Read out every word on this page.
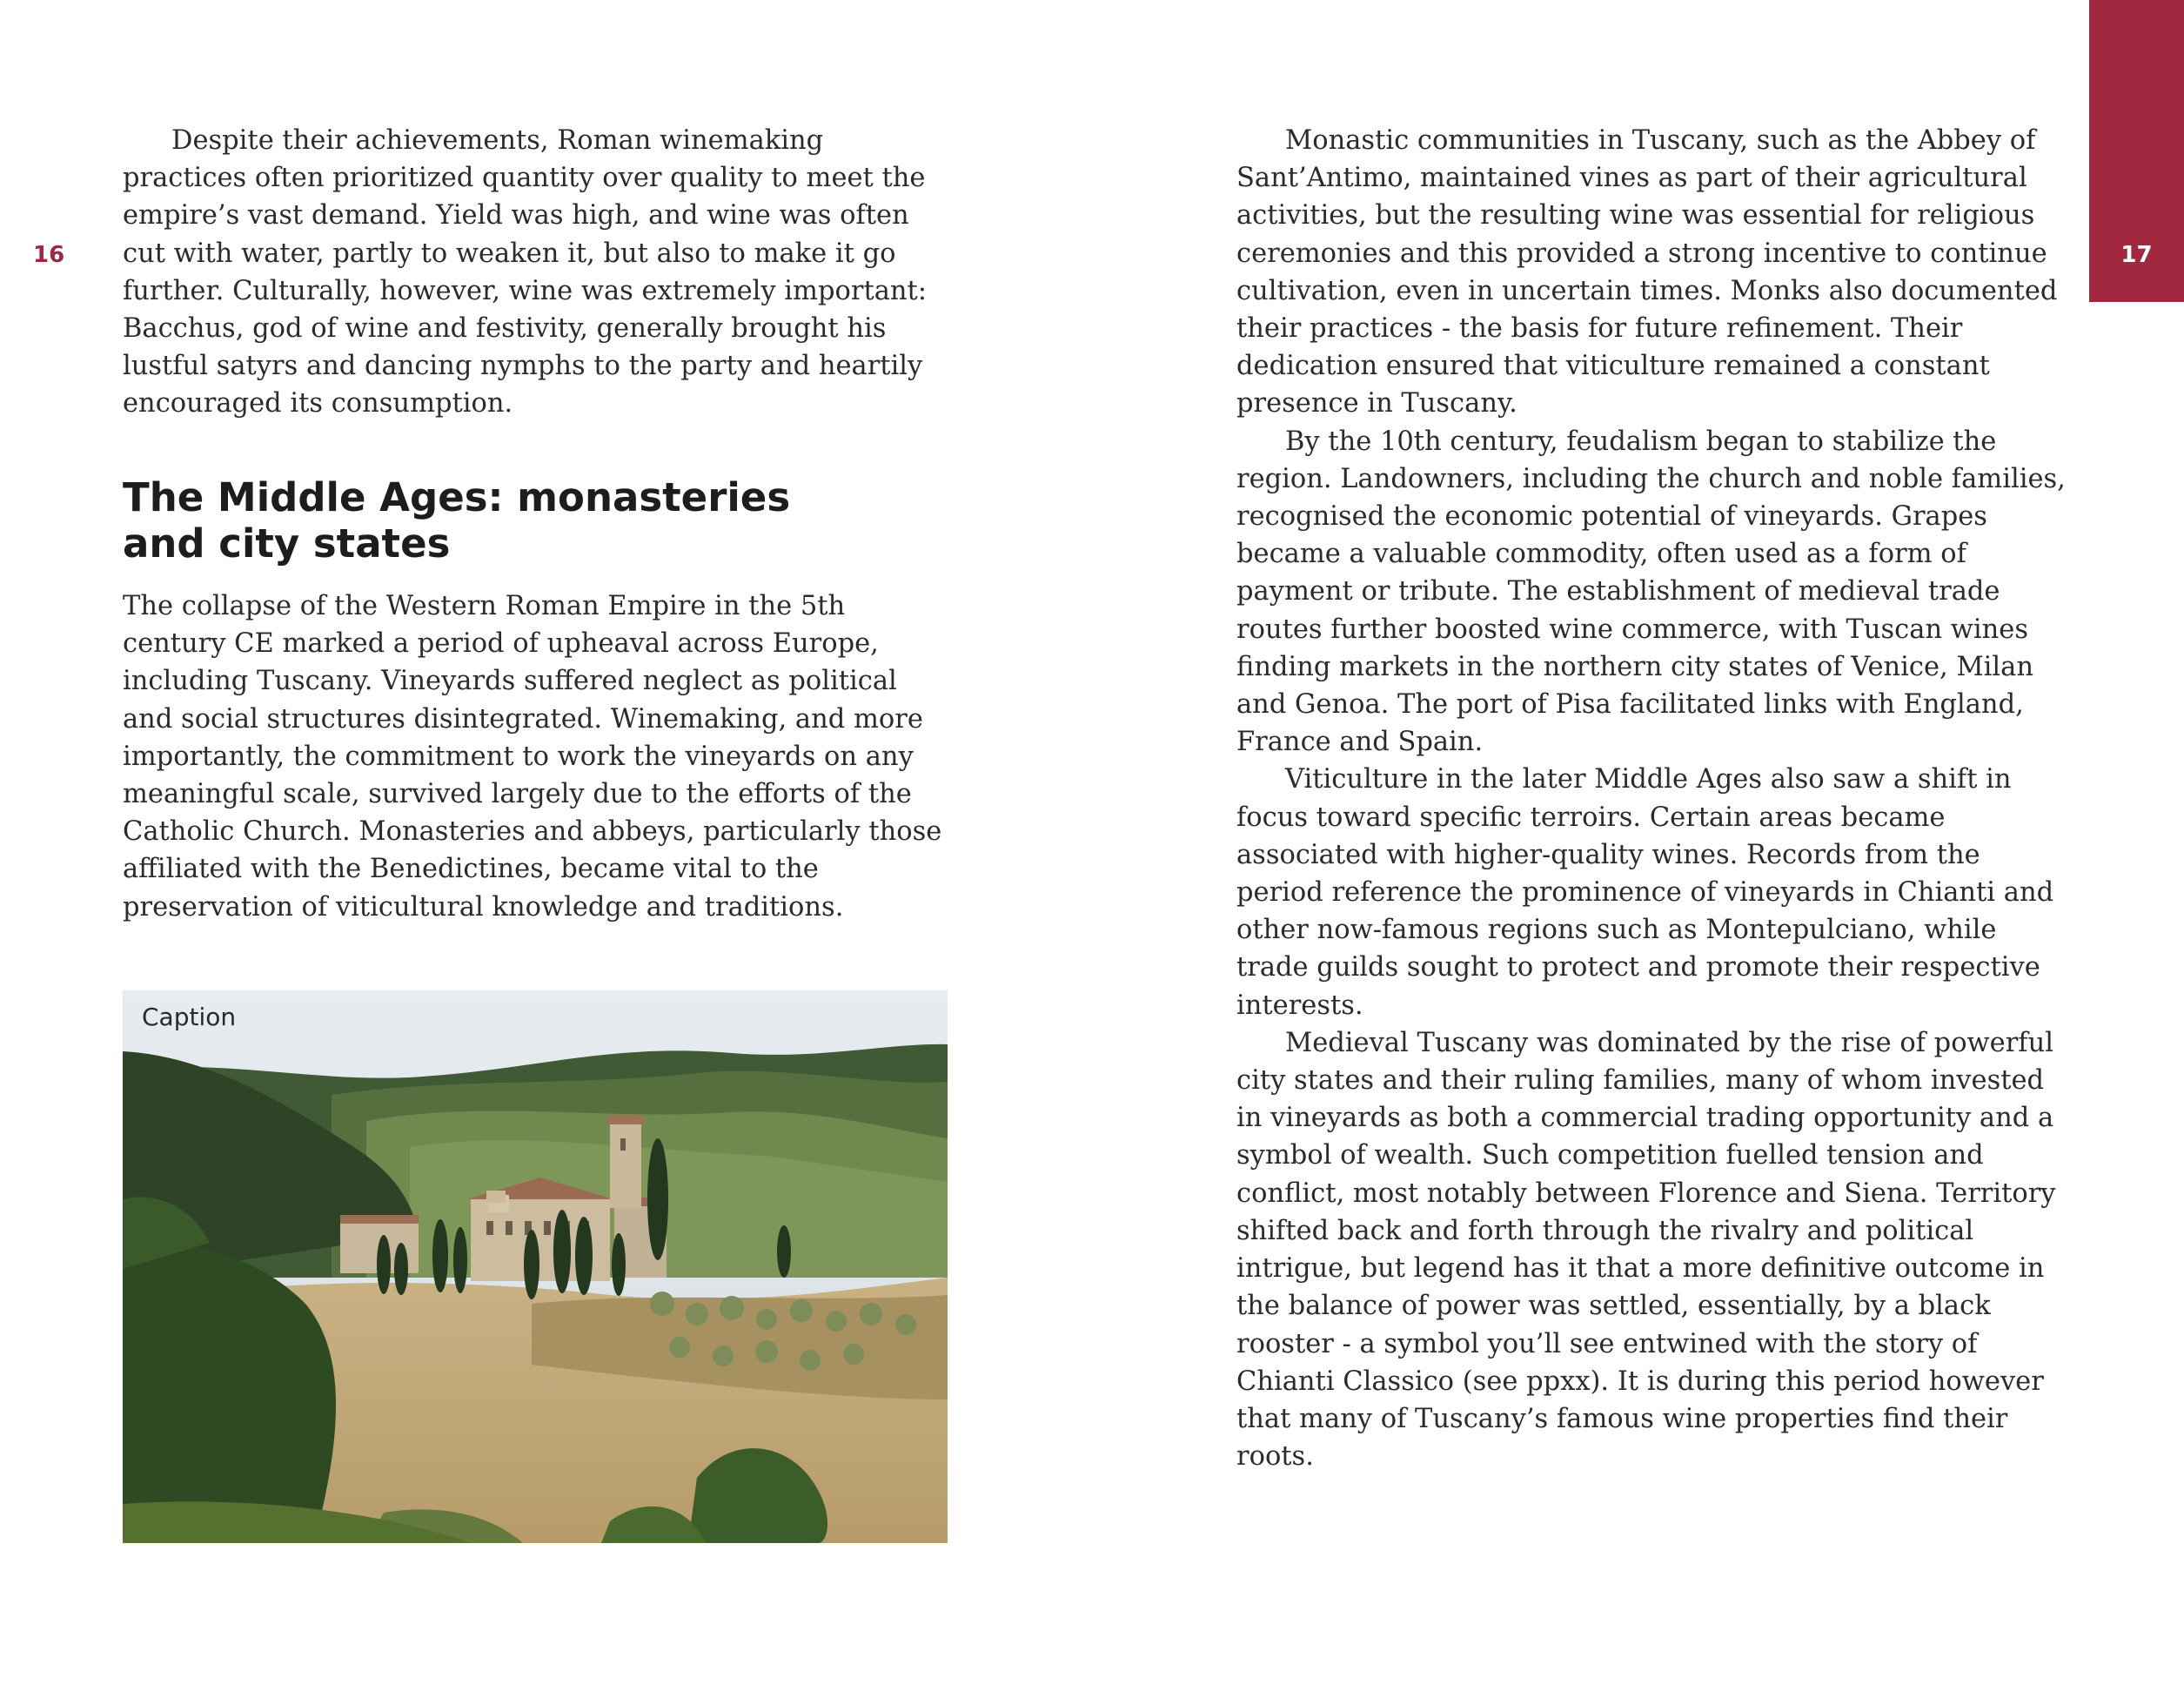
16	17

Despite their achievements, Roman winemaking practices often prioritized quantity over quality to meet the empire’s vast demand. Yield was high, and wine was often cut with water, partly to weaken it, but also to make it go further. Culturally, however, wine was extremely important: Bacchus, god of wine and festivity, generally brought his lustful satyrs and dancing nymphs to the party and heartily encouraged its consumption.

The Middle Ages: monasteries
and city states

The collapse of the Western Roman Empire in the 5th century CE marked a period of upheaval across Europe, including Tuscany. Vineyards suffered neglect as political and social structures disintegrated. Winemaking, and more importantly, the commitment to work the vineyards on any meaningful scale, survived largely due to the efforts of the Catholic Church. Monasteries and abbeys, particularly those affiliated with the Benedictines, became vital to the preservation of viticultural knowledge and traditions.

Caption

Monastic communities in Tuscany, such as the Abbey of Sant’Antimo, maintained vines as part of their agricultural activities, but the resulting wine was essential for religious ceremonies and this provided a strong incentive to continue cultivation, even in uncertain times. Monks also documented their practices - the basis for future refinement. Their dedication ensured that viticulture remained a constant presence in Tuscany.

By the 10th century, feudalism began to stabilize the region. Landowners, including the church and noble families, recognised the economic potential of vineyards. Grapes became a valuable commodity, often used as a form of payment or tribute. The establishment of medieval trade routes further boosted wine commerce, with Tuscan wines finding markets in the northern city states of Venice, Milan and Genoa. The port of Pisa facilitated links with England, France and Spain.

Viticulture in the later Middle Ages also saw a shift in focus toward specific terroirs. Certain areas became associated with higher-quality wines. Records from the period reference the prominence of vineyards in Chianti and other now-famous regions such as Montepulciano, while trade guilds sought to protect and promote their respective interests.

Medieval Tuscany was dominated by the rise of powerful city states and their ruling families, many of whom invested in vineyards as both a commercial trading opportunity and a symbol of wealth. Such competition fuelled tension and conflict, most notably between Florence and Siena. Territory shifted back and forth through the rivalry and political intrigue, but legend has it that a more definitive outcome in the balance of power was settled, essentially, by a black rooster - a symbol you’ll see entwined with the story of Chianti Classico (see ppxx). It is during this period however that many of Tuscany’s famous wine properties find their roots.
